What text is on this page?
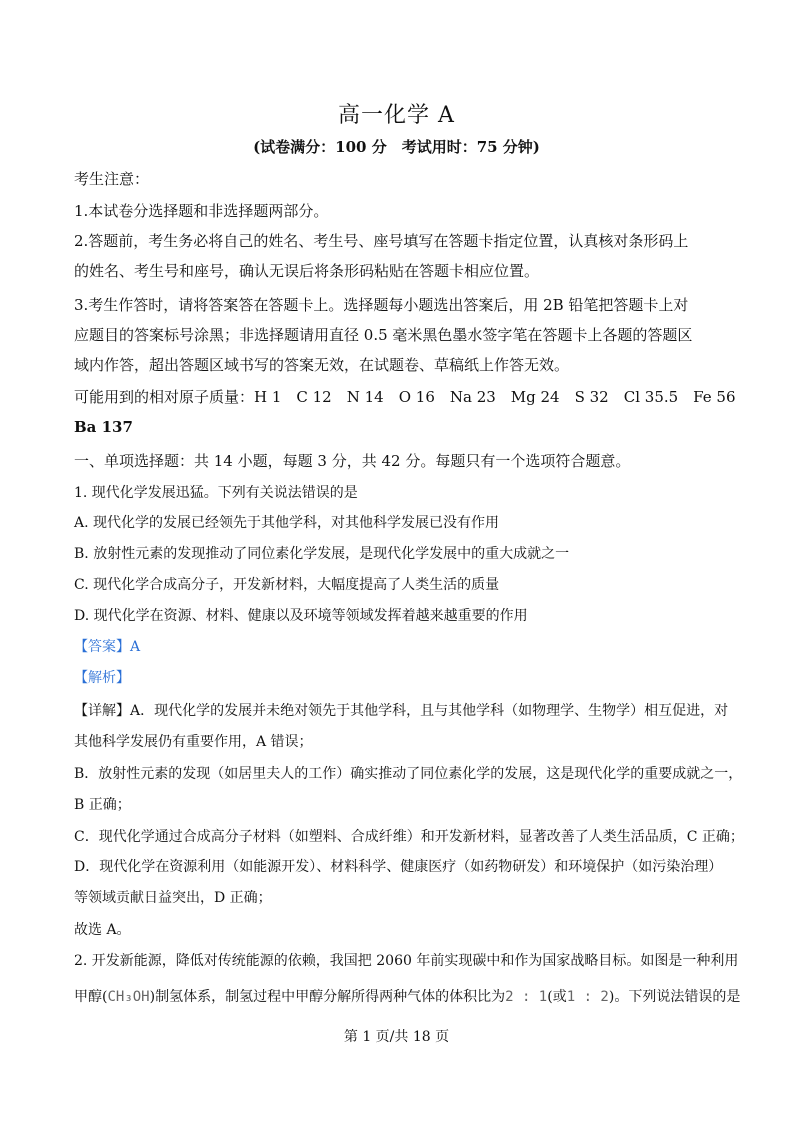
高一化学 A
(试卷满分：100 分　考试用时：75 分钟)
考生注意：
1.本试卷分选择题和非选择题两部分。
2.答题前，考生务必将自己的姓名、考生号、座号填写在答题卡指定位置，认真核对条形码上
的姓名、考生号和座号，确认无误后将条形码粘贴在答题卡相应位置。
3.考生作答时，请将答案答在答题卡上。选择题每小题选出答案后，用 2B 铅笔把答题卡上对
应题目的答案标号涂黑；非选择题请用直径 0.5 毫米黑色墨水签字笔在答题卡上各题的答题区
域内作答，超出答题区域书写的答案无效，在试题卷、草稿纸上作答无效。
可能用到的相对原子质量：H 1　C 12　N 14　O 16　Na 23　Mg 24　S 32　Cl 35.5　Fe 56
Ba 137
一、单项选择题：共 14 小题，每题 3 分，共 42 分。每题只有一个选项符合题意。
1. 现代化学发展迅猛。下列有关说法错误的是
A. 现代化学的发展已经领先于其他学科，对其他科学发展已没有作用
B. 放射性元素的发现推动了同位素化学发展，是现代化学发展中的重大成就之一
C. 现代化学合成高分子，开发新材料，大幅度提高了人类生活的质量
D. 现代化学在资源、材料、健康以及环境等领域发挥着越来越重要的作用
【答案】A
【解析】
【详解】A．现代化学的发展并未绝对领先于其他学科，且与其他学科（如物理学、生物学）相互促进，对
其他科学发展仍有重要作用，A 错误；
B．放射性元素的发现（如居里夫人的工作）确实推动了同位素化学的发展，这是现代化学的重要成就之一，
B 正确；
C．现代化学通过合成高分子材料（如塑料、合成纤维）和开发新材料，显著改善了人类生活品质，C 正确；
D．现代化学在资源利用（如能源开发）、材料科学、健康医疗（如药物研发）和环境保护（如污染治理）
等领域贡献日益突出，D 正确；
故选 A。
2. 开发新能源，降低对传统能源的依赖，我国把 2060 年前实现碳中和作为国家战略目标。如图是一种利用
甲醇(CH₃OH)制氢体系，制氢过程中甲醇分解所得两种气体的体积比为2 : 1(或1 : 2)。下列说法错误的是
第 1 页/共 18 页
